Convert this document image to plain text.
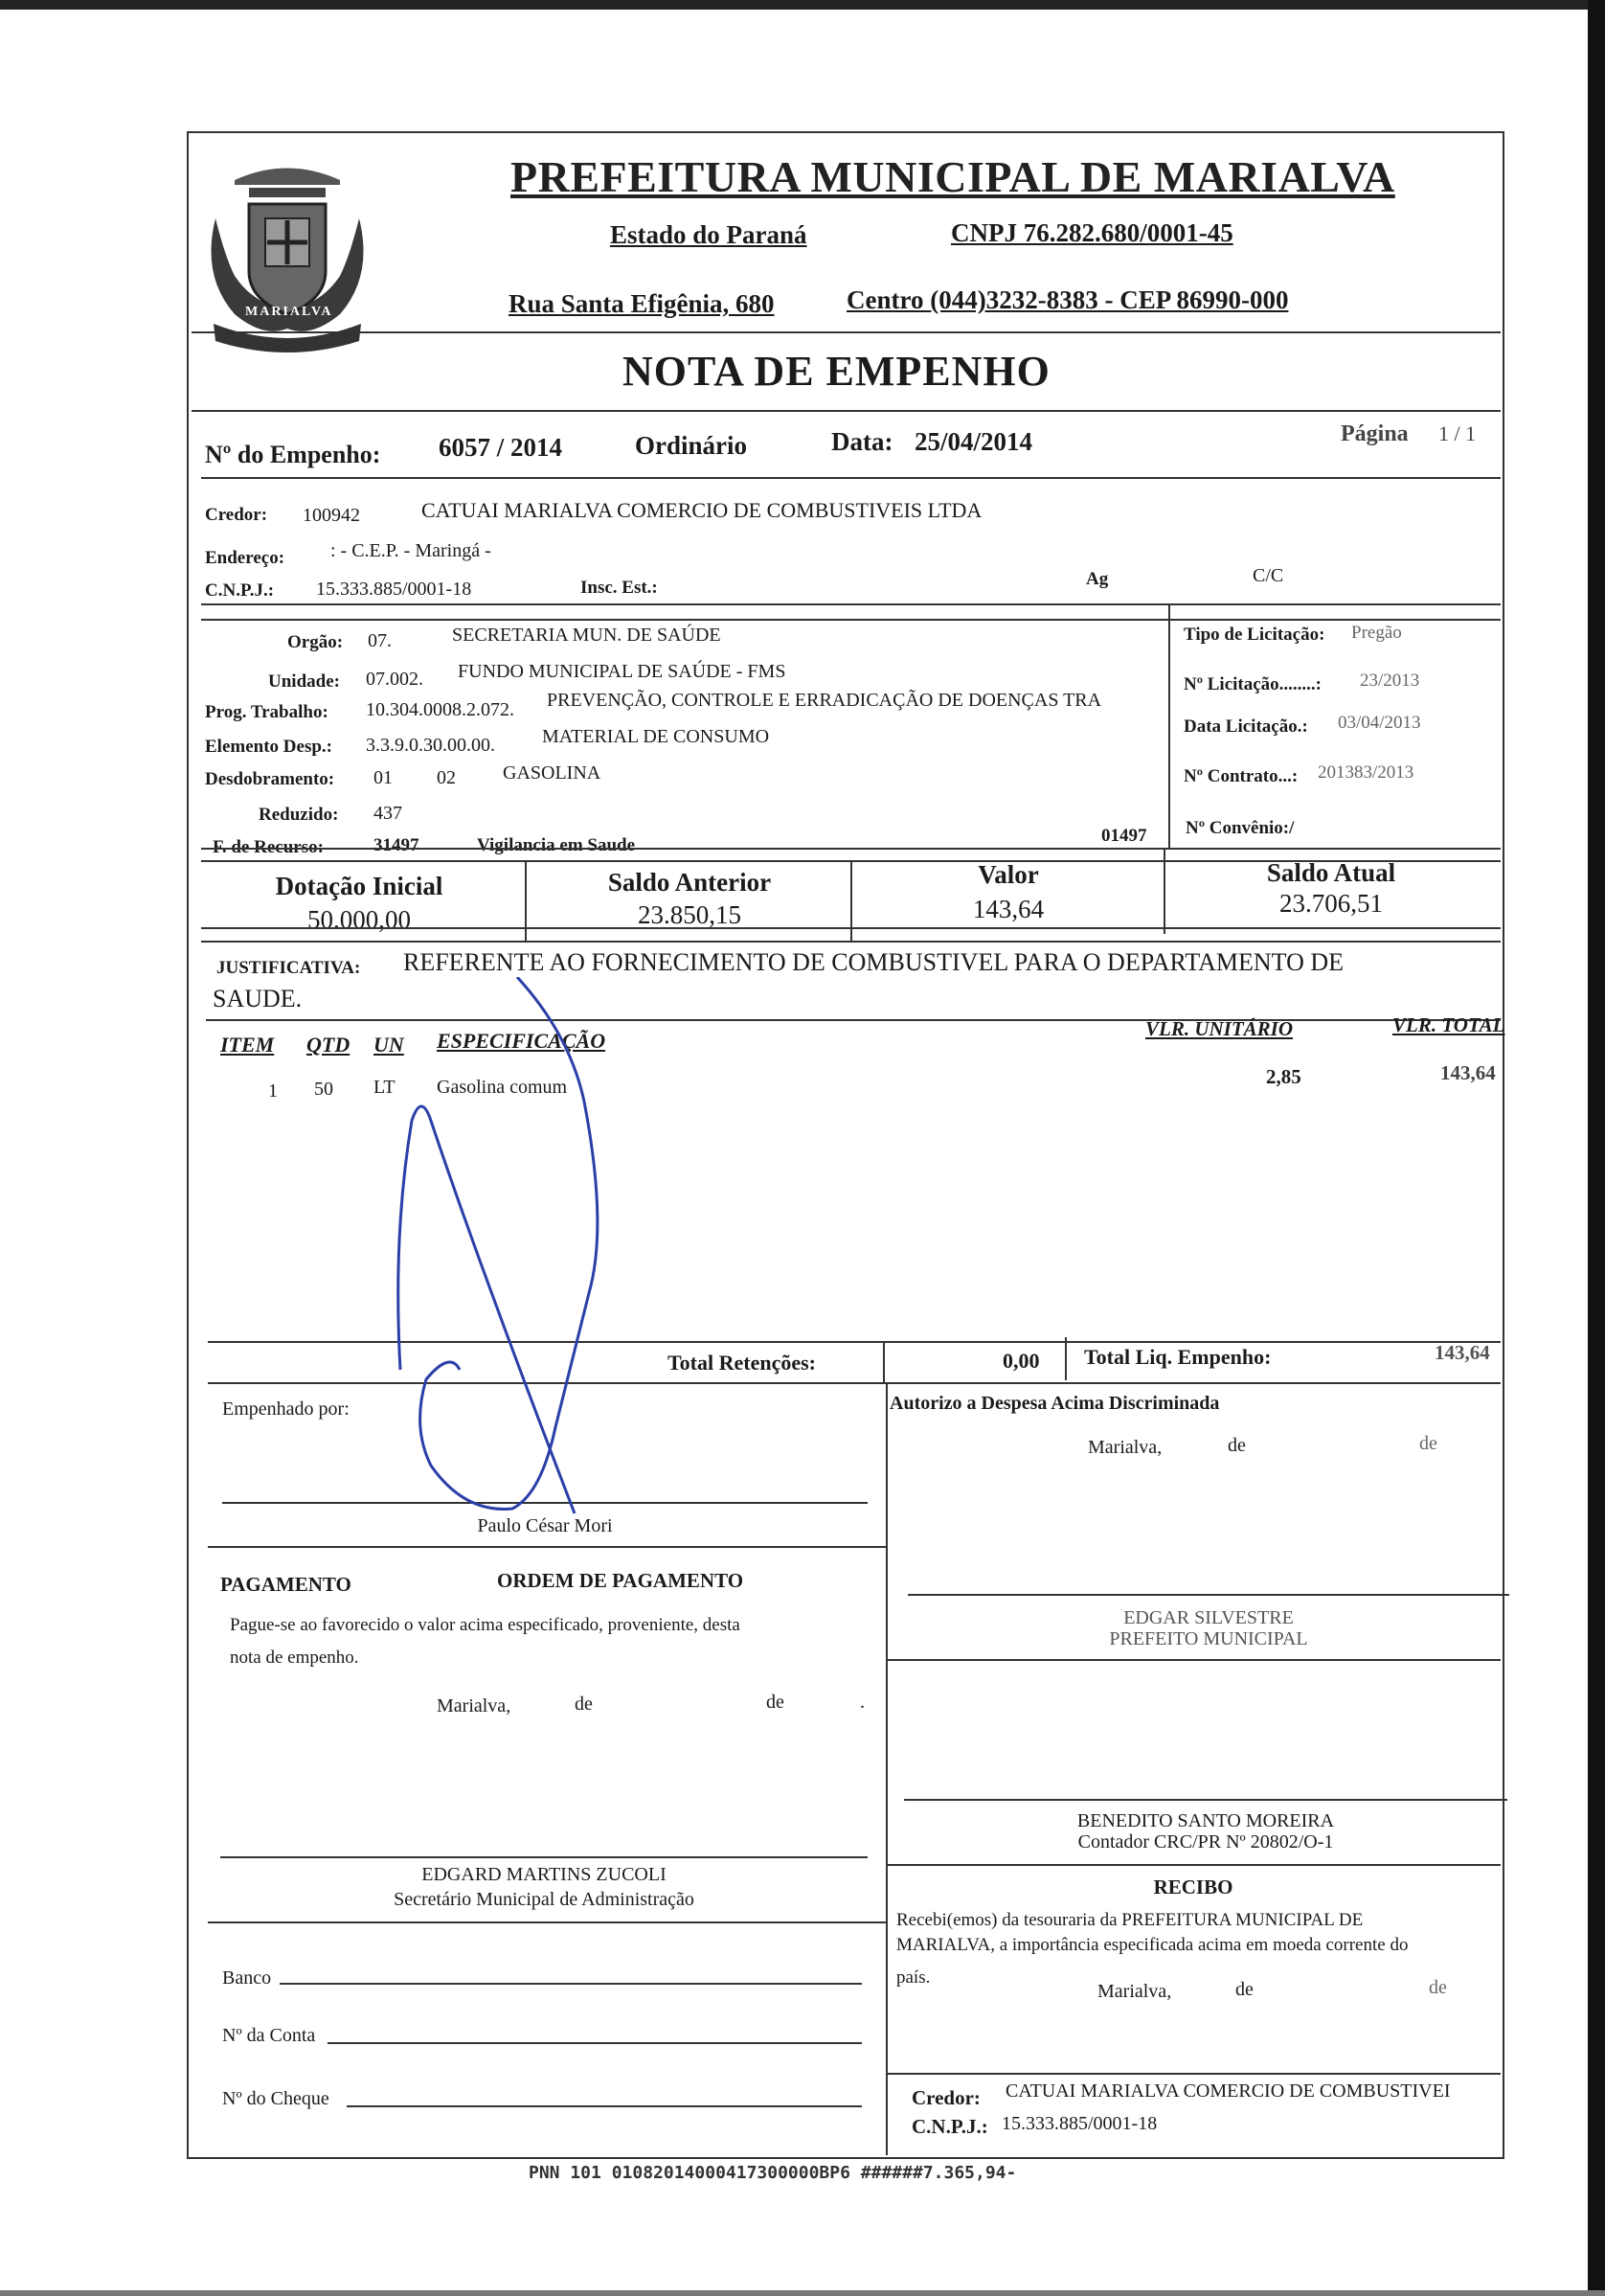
MARIALVA
PREFEITURA MUNICIPAL DE MARIALVA
Estado do Paraná	CNPJ 76.282.680/0001-45
Rua Santa Efigênia, 680	Centro (044)3232-8383 - CEP 86990-000
NOTA DE EMPENHO
Nº do Empenho: 6057 / 2014	Ordinário	Data: 25/04/2014	Página 1 / 1
Credor: 100942	CATUAI MARIALVA COMERCIO DE COMBUSTIVEIS LTDA
Endereço: : - C.E.P. - Maringá -
C.N.P.J.: 15.333.885/0001-18	Insc. Est.:	Ag	C/C
Orgão: 07.	SECRETARIA MUN. DE SAÚDE
Unidade: 07.002. FUNDO MUNICIPAL DE SAÚDE - FMS
Prog. Trabalho: 10.304.0008.2.072. PREVENÇÃO, CONTROLE E ERRADICAÇÃO DE DOENÇAS TRA
Elemento Desp.: 3.3.9.0.30.00.00. MATERIAL DE CONSUMO
Desdobramento: 01 02 GASOLINA
Reduzido: 437
F. de Recurso:	31497	Vigilancia em Saude	01497
Tipo de Licitação: Pregão
Nº Licitação........: 23/2013
Data Licitação.: 03/04/2013
Nº Contrato...: 201383/2013
Nº Convênio:/
Dotação Inicial
50.000,00
Saldo Anterior
23.850,15
Valor
143,64
Saldo Atual
23.706,51
JUSTIFICATIVA: REFERENTE AO FORNECIMENTO DE COMBUSTIVEL PARA O DEPARTAMENTO DE
SAUDE.
ITEM QTD UN ESPECIFICAÇÃO	VLR. UNITÁRIO	VLR. TOTAL
1 50 LT Gasolina comum	2,85	143,64
Total Retenções:	0,00 Total Liq. Empenho:	143,64
Empenhado por:
Paulo César Mori
Autorizo a Despesa Acima Discriminada
Marialva,	de	de
EDGAR SILVESTRE
PREFEITO MUNICIPAL
PAGAMENTO	ORDEM DE PAGAMENTO
Pague-se ao favorecido o valor acima especificado, proveniente, desta
nota de empenho.
Marialva,	de	de	.
BENEDITO SANTO MOREIRA
Contador CRC/PR Nº 20802/O-1
EDGARD MARTINS ZUCOLI
Secretário Municipal de Administração
RECIBO
Recebi(emos) da tesouraria da PREFEITURA MUNICIPAL DE
MARIALVA, a importância especificada acima em moeda corrente do
país.
Marialva,	de	de
Credor: CATUAI MARIALVA COMERCIO DE COMBUSTIVEI
C.N.P.J.: 15.333.885/0001-18
Banco
Nº da Conta
Nº do Cheque
PNN 101 01082014000417300000BP6 ######7.365,94-
